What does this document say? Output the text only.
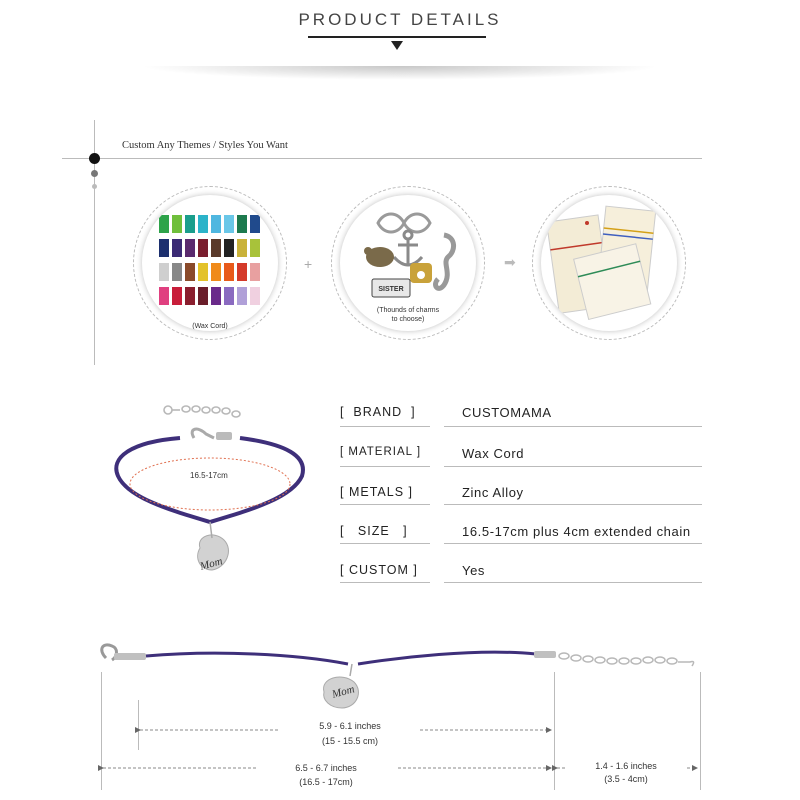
PRODUCT DETAILS
Custom Any Themes / Styles You Want
(Wax Cord)
+
SISTER
(Thounds of charms
to choose)
➡
16.5-17cm
Mom
[  BRAND  ]	CUSTOMAMA
[ MATERIAL ]	Wax Cord
[ METALS ]	Zinc Alloy
[   SIZE   ]	16.5-17cm plus 4cm extended chain
[ CUSTOM ]	Yes
Mom
5.9 - 6.1 inches
(15 - 15.5 cm)
6.5 - 6.7 inches
(16.5 - 17cm)
1.4 - 1.6 inches
(3.5 - 4cm)
